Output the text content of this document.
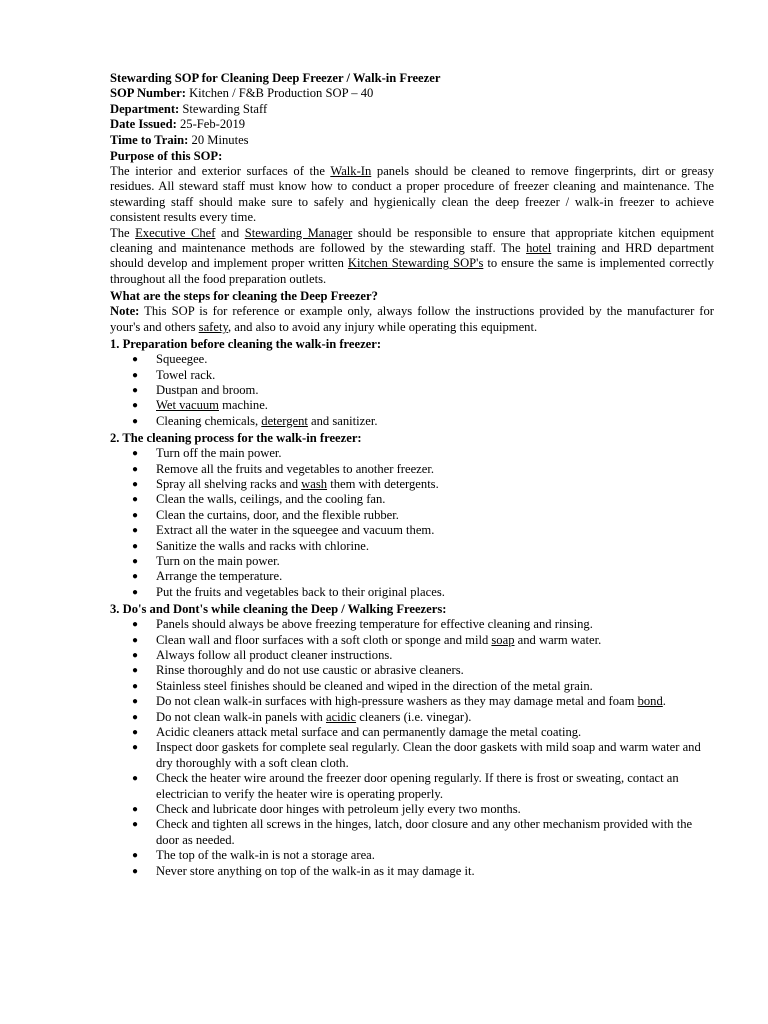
Stewarding SOP for Cleaning Deep Freezer / Walk-in Freezer

SOP Number: Kitchen / F&B Production SOP – 40

Department: Stewarding Staff

Date Issued: 25-Feb-2019

Time to Train: 20 Minutes

Purpose of this SOP:

The interior and exterior surfaces of the Walk-In panels should be cleaned to remove fingerprints, dirt or greasy residues. All steward staff must know how to conduct a proper procedure of freezer cleaning and maintenance. The stewarding staff should make sure to safely and hygienically clean the deep freezer / walk-in freezer to achieve consistent results every time.

The Executive Chef and Stewarding Manager should be responsible to ensure that appropriate kitchen equipment cleaning and maintenance methods are followed by the stewarding staff. The hotel training and HRD department should develop and implement proper written Kitchen Stewarding SOP's to ensure the same is implemented correctly throughout all the food preparation outlets.

What are the steps for cleaning the Deep Freezer?

Note: This SOP is for reference or example only, always follow the instructions provided by the manufacturer for your's and others safety, and also to avoid any injury while operating this equipment.

1. Preparation before cleaning the walk-in freezer:
● Squeegee.
● Towel rack.
● Dustpan and broom.
● Wet vacuum machine.
● Cleaning chemicals, detergent and sanitizer.
2. The cleaning process for the walk-in freezer:
● Turn off the main power.
● Remove all the fruits and vegetables to another freezer.
● Spray all shelving racks and wash them with detergents.
● Clean the walls, ceilings, and the cooling fan.
● Clean the curtains, door, and the flexible rubber.
● Extract all the water in the squeegee and vacuum them.
● Sanitize the walls and racks with chlorine.
● Turn on the main power.
● Arrange the temperature.
● Put the fruits and vegetables back to their original places.
3. Do's and Dont's while cleaning the Deep / Walking Freezers:
● Panels should always be above freezing temperature for effective cleaning and rinsing.
● Clean wall and floor surfaces with a soft cloth or sponge and mild soap and warm water.
● Always follow all product cleaner instructions.
● Rinse thoroughly and do not use caustic or abrasive cleaners.
● Stainless steel finishes should be cleaned and wiped in the direction of the metal grain.
● Do not clean walk-in surfaces with high-pressure washers as they may damage metal and foam bond.
● Do not clean walk-in panels with acidic cleaners (i.e. vinegar).
● Acidic cleaners attack metal surface and can permanently damage the metal coating.
● Inspect door gaskets for complete seal regularly. Clean the door gaskets with mild soap and warm water and dry thoroughly with a soft clean cloth.
● Check the heater wire around the freezer door opening regularly. If there is frost or sweating, contact an electrician to verify the heater wire is operating properly.
● Check and lubricate door hinges with petroleum jelly every two months.
● Check and tighten all screws in the hinges, latch, door closure and any other mechanism provided with the door as needed.
● The top of the walk-in is not a storage area.
● Never store anything on top of the walk-in as it may damage it.
